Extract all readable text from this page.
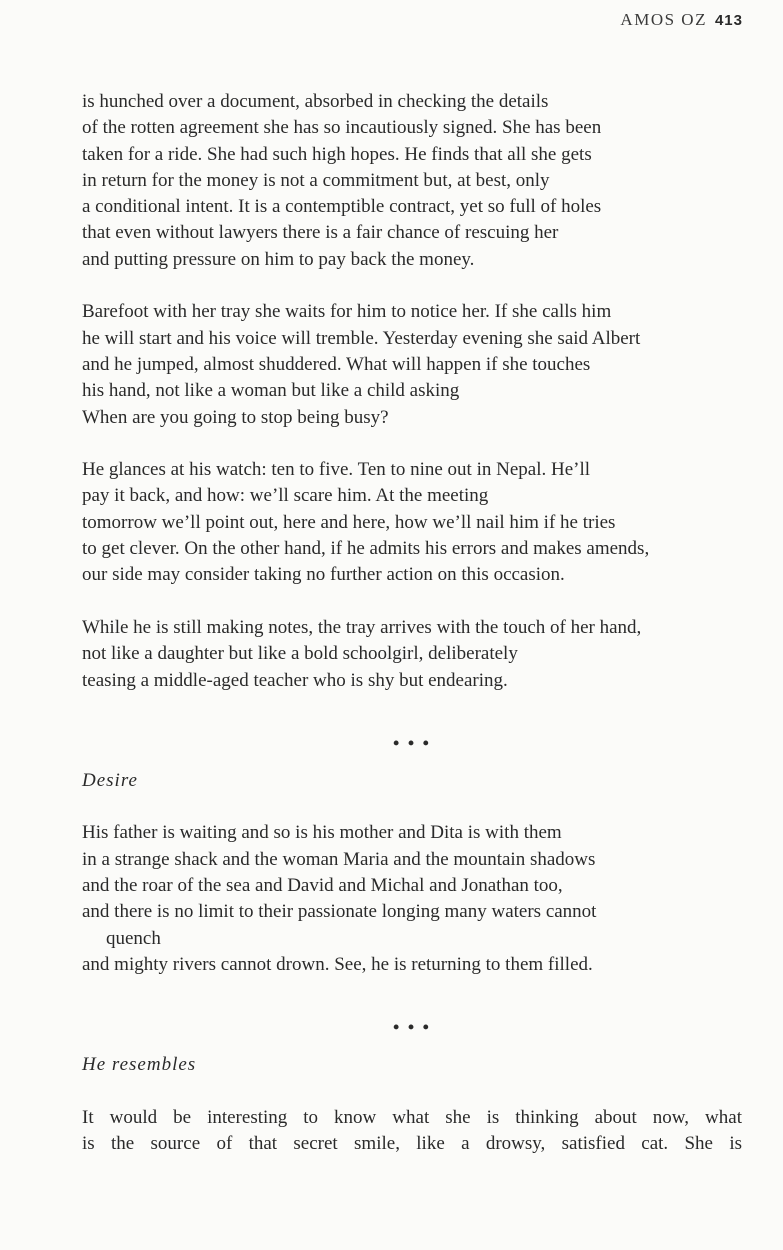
AMOS OZ 413
is hunched over a document, absorbed in checking the details
of the rotten agreement she has so incautiously signed. She has been
taken for a ride. She had such high hopes. He finds that all she gets
in return for the money is not a commitment but, at best, only
a conditional intent. It is a contemptible contract, yet so full of holes
that even without lawyers there is a fair chance of rescuing her
and putting pressure on him to pay back the money.
Barefoot with her tray she waits for him to notice her. If she calls him
he will start and his voice will tremble. Yesterday evening she said Albert
and he jumped, almost shuddered. What will happen if she touches
his hand, not like a woman but like a child asking
When are you going to stop being busy?
He glances at his watch: ten to five. Ten to nine out in Nepal. He’ll
pay it back, and how: we’ll scare him. At the meeting
tomorrow we’ll point out, here and here, how we’ll nail him if he tries
to get clever. On the other hand, if he admits his errors and makes amends,
our side may consider taking no further action on this occasion.
While he is still making notes, the tray arrives with the touch of her hand,
not like a daughter but like a bold schoolgirl, deliberately
teasing a middle-aged teacher who is shy but endearing.
• • •
Desire
His father is waiting and so is his mother and Dita is with them
in a strange shack and the woman Maria and the mountain shadows
and the roar of the sea and David and Michal and Jonathan too,
and there is no limit to their passionate longing many waters cannot
quench
and mighty rivers cannot drown. See, he is returning to them filled.
• • •
He resembles
It would be interesting to know what she is thinking about now, what
is the source of that secret smile, like a drowsy, satisfied cat. She is
